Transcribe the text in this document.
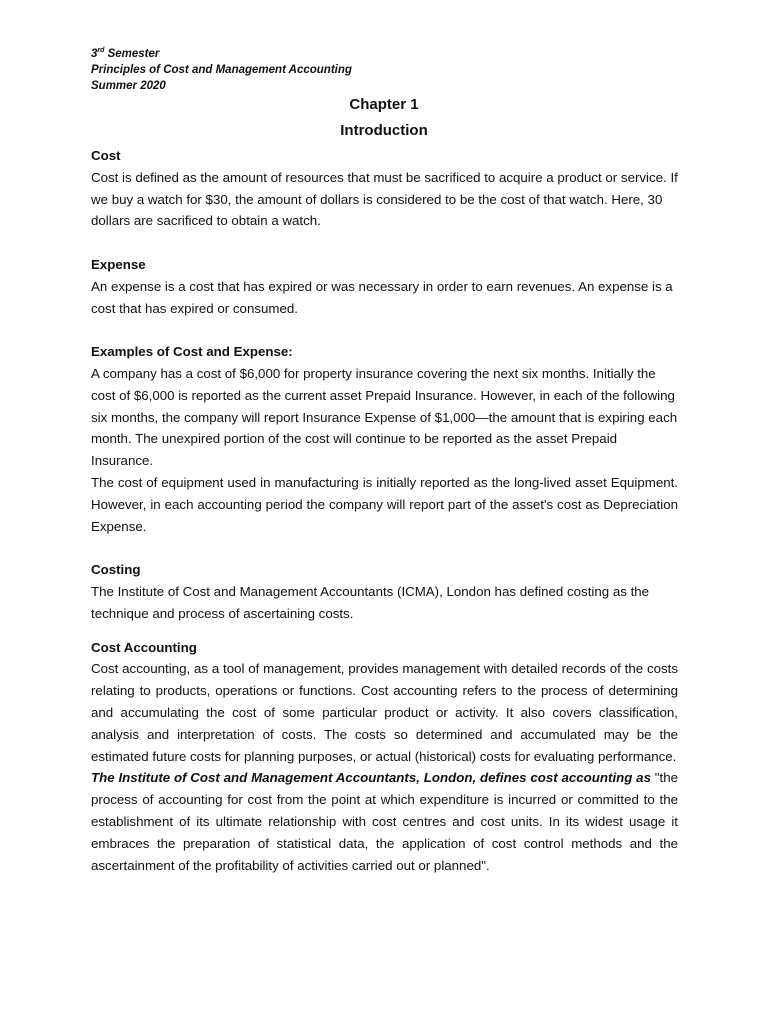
3rd Semester
Principles of Cost and Management Accounting
Summer 2020
Chapter 1
Introduction

Cost

Cost is defined as the amount of resources that must be sacrificed to acquire a product or service. If we buy a watch for $30, the amount of dollars is considered to be the cost of that watch. Here, 30 dollars are sacrificed to obtain a watch.

Expense

An expense is a cost that has expired or was necessary in order to earn revenues. An expense is a cost that has expired or consumed.

Examples of Cost and Expense:

A company has a cost of $6,000 for property insurance covering the next six months. Initially the cost of $6,000 is reported as the current asset Prepaid Insurance. However, in each of the following six months, the company will report Insurance Expense of $1,000—the amount that is expiring each month. The unexpired portion of the cost will continue to be reported as the asset Prepaid Insurance.

The cost of equipment used in manufacturing is initially reported as the long-lived asset Equipment. However, in each accounting period the company will report part of the asset's cost as Depreciation Expense.

Costing

The Institute of Cost and Management Accountants (ICMA), London has defined costing as the technique and process of ascertaining costs.

Cost Accounting

Cost accounting, as a tool of management, provides management with detailed records of the costs relating to products, operations or functions. Cost accounting refers to the process of determining and accumulating the cost of some particular product or activity. It also covers classification, analysis and interpretation of costs. The costs so determined and accumulated may be the estimated future costs for planning purposes, or actual (historical) costs for evaluating performance.

The Institute of Cost and Management Accountants, London, defines cost accounting as "the process of accounting for cost from the point at which expenditure is incurred or committed to the establishment of its ultimate relationship with cost centres and cost units. In its widest usage it embraces the preparation of statistical data, the application of cost control methods and the ascertainment of the profitability of activities carried out or planned".
